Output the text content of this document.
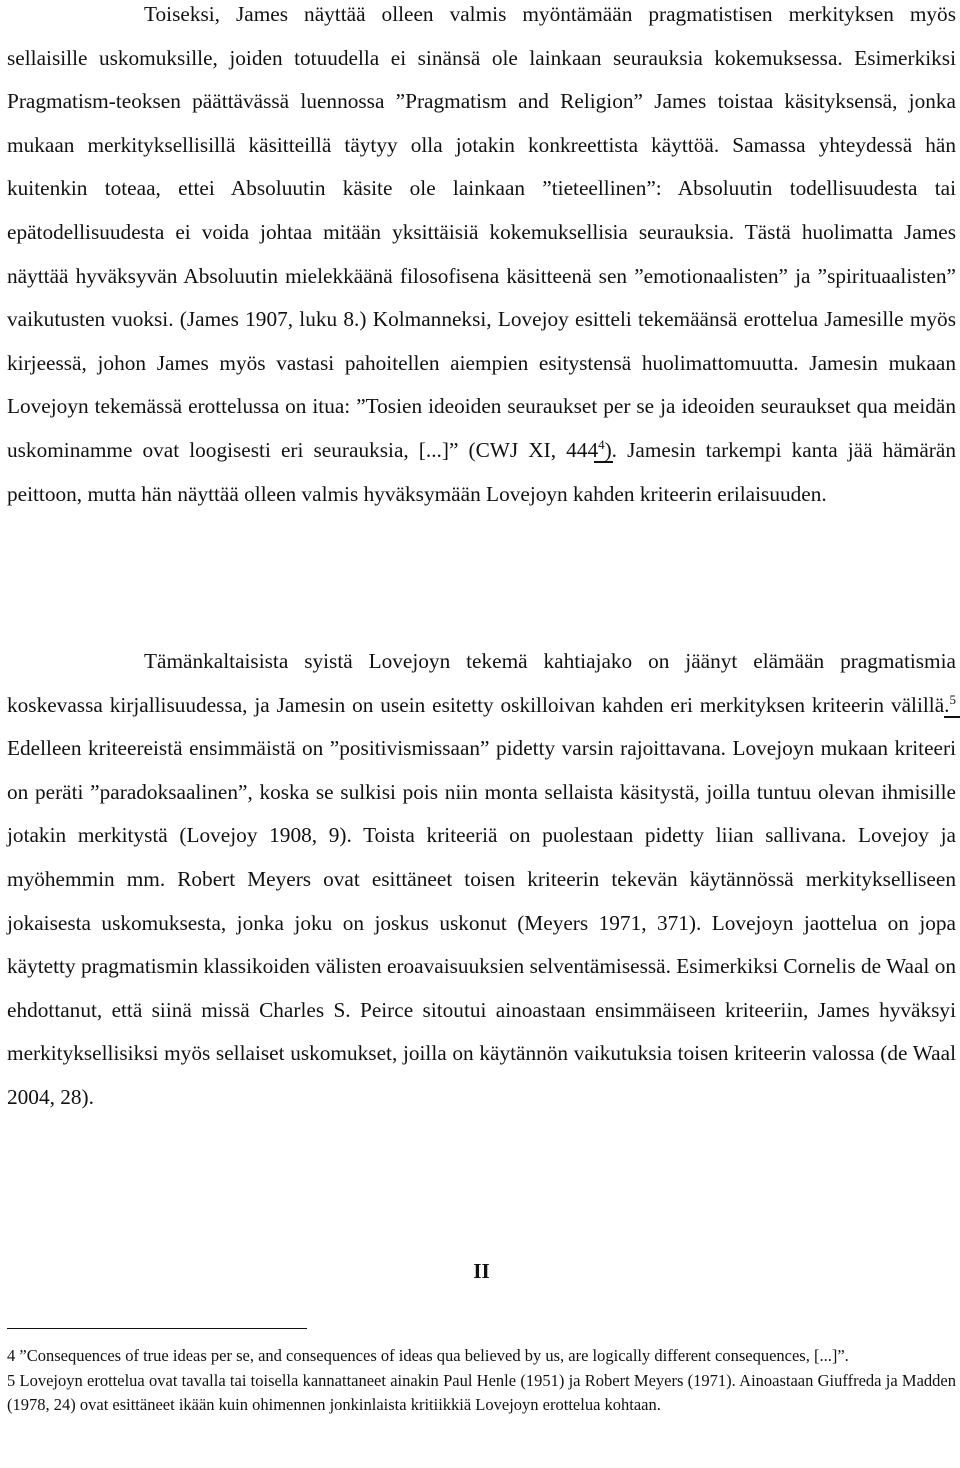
Toiseksi, James näyttää olleen valmis myöntämään pragmatistisen merkityksen myös sellaisille uskomuksille, joiden totuudella ei sinänsä ole lainkaan seurauksia kokemuksessa. Esimerkiksi Pragmatism-teoksen päättävässä luennossa ”Pragmatism and Religion” James toistaa käsityksensä, jonka mukaan merkityksellisillä käsitteillä täytyy olla jotakin konkreettista käyttöä. Samassa yhteydessä hän kuitenkin toteaa, ettei Absoluutin käsite ole lainkaan ”tieteellinen”: Absoluutin todellisuudesta tai epätodellisuudesta ei voida johtaa mitään yksittäisiä kokemuksellisia seurauksia. Tästä huolimatta James näyttää hyväksyvän Absoluutin mielekkäänä filosofisena käsitteenä sen ”emotionaalisten” ja ”spirituaalisten” vaikutusten vuoksi. (James 1907, luku 8.) Kolmanneksi, Lovejoy esitteli tekemäänsä erottelua Jamesille myös kirjeessä, johon James myös vastasi pahoitellen aiempien esitystensä huolimattomuutta. Jamesin mukaan Lovejoyn tekemässä erottelussa on itua: ”Tosien ideoiden seuraukset per se ja ideoiden seuraukset qua meidän uskominamme ovat loogisesti eri seurauksia, [...]” (CWJ XI, 444$^4$). Jamesin tarkempi kanta jää hämärän peittoon, mutta hän näyttää olleen valmis hyväksymään Lovejoyn kahden kriteerin erilaisuuden.

Tämänkaltaisista syistä Lovejoyn tekemä kahtiajako on jäänyt elämään pragmatismia koskevassa kirjallisuudessa, ja Jamesin on usein esitetty oskilloivan kahden eri merkityksen kriteerin välillä.$^5$ Edelleen kriteereistä ensimmäistä on ”positivismissaan” pidetty varsin rajoittavana. Lovejoyn mukaan kriteeri on peräti ”paradoksaalinen”, koska se sulkisi pois niin monta sellaista käsitystä, joilla tuntuu olevan ihmisille jotakin merkitystä (Lovejoy 1908, 9). Toista kriteeriä on puolestaan pidetty liian sallivana. Lovejoy ja myöhemmin mm. Robert Meyers ovat esittäneet toisen kriteerin tekevän käytännössä merkitykselliseen jokaisesta uskomuksesta, jonka joku on joskus uskonut (Meyers 1971, 371). Lovejoyn jaottelua on jopa käytetty pragmatismin klassikoiden välisten eroavaisuuksien selventämisessä. Esimerkiksi Cornelis de Waal on ehdottanut, että siinä missä Charles S. Peirce sitoutui ainoastaan ensimmäiseen kriteeriin, James hyväksyi merkityksellisiksi myös sellaiset uskomukset, joilla on käytännön vaikutuksia toisen kriteerin valossa (de Waal 2004, 28).

II

4 ”Consequences of true ideas per se, and consequences of ideas qua believed by us, are logically different consequences, [...]”.

5 Lovejoyn erottelua ovat tavalla tai toisella kannattaneet ainakin Paul Henle (1951) ja Robert Meyers (1971). Ainoastaan Giuffreda ja Madden (1978, 24) ovat esittäneet ikään kuin ohimennen jonkinlaista kritiikkiä Lovejoyn erottelua kohtaan.
